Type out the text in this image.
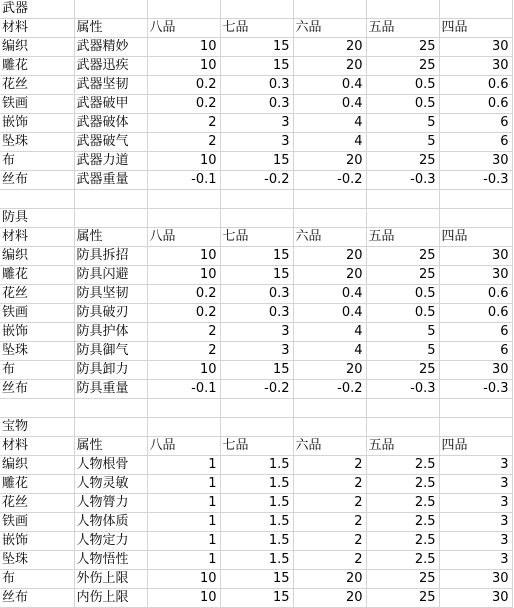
武器						
材料	属性	八品	七品	六品	五品	四品
编织	武器精妙	10	15	20	25	30
雕花	武器迅疾	10	15	20	25	30
花丝	武器坚韧	0.2	0.3	0.4	0.5	0.6
铁画	武器破甲	0.2	0.3	0.4	0.5	0.6
嵌饰	武器破体	2	3	4	5	6
坠珠	武器破气	2	3	4	5	6
布	武器力道	10	15	20	25	30
丝布	武器重量	-0.1	-0.2	-0.2	-0.3	-0.3

防具						
材料	属性	八品	七品	六品	五品	四品
编织	防具拆招	10	15	20	25	30
雕花	防具闪避	10	15	20	25	30
花丝	防具坚韧	0.2	0.3	0.4	0.5	0.6
铁画	防具破刃	0.2	0.3	0.4	0.5	0.6
嵌饰	防具护体	2	3	4	5	6
坠珠	防具御气	2	3	4	5	6
布	防具卸力	10	15	20	25	30
丝布	防具重量	-0.1	-0.2	-0.2	-0.3	-0.3

宝物						
材料	属性	八品	七品	六品	五品	四品
编织	人物根骨	1	1.5	2	2.5	3
雕花	人物灵敏	1	1.5	2	2.5	3
花丝	人物膂力	1	1.5	2	2.5	3
铁画	人物体质	1	1.5	2	2.5	3
嵌饰	人物定力	1	1.5	2	2.5	3
坠珠	人物悟性	1	1.5	2	2.5	3
布	外伤上限	10	15	20	25	30
丝布	内伤上限	10	15	20	25	30
